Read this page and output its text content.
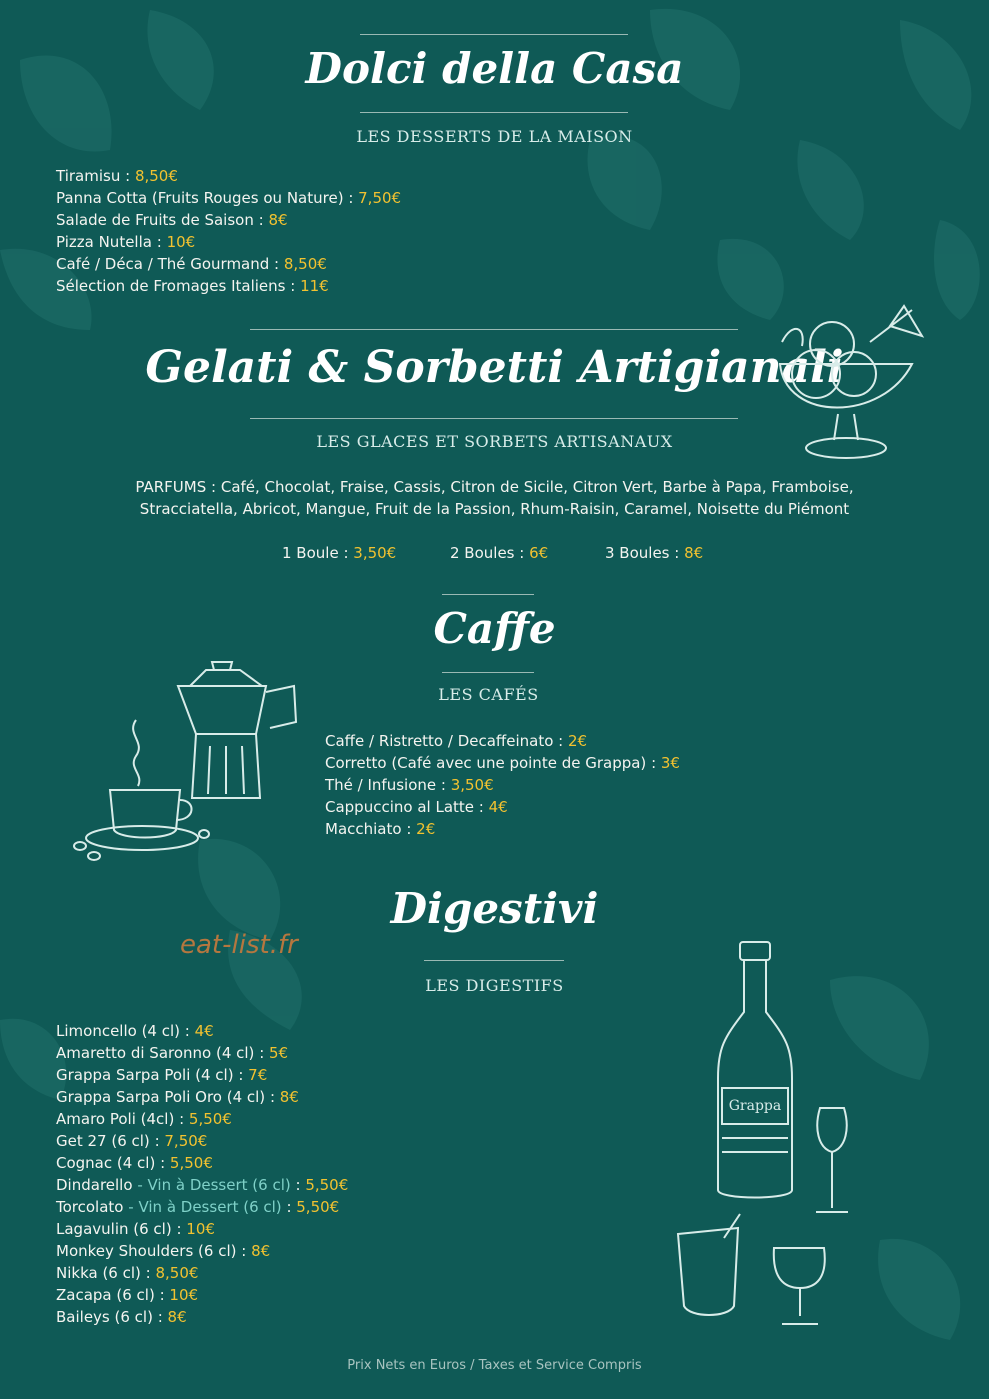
Dolci della Casa
LES DESSERTS DE LA MAISON
Tiramisu : 8,50€
Panna Cotta (Fruits Rouges ou Nature) : 7,50€
Salade de Fruits de Saison : 8€
Pizza Nutella : 10€
Café / Déca / Thé Gourmand : 8,50€
Sélection de Fromages Italiens : 11€
Gelati & Sorbetti Artigianali
LES GLACES ET SORBETS ARTISANAUX
PARFUMS : Café, Chocolat, Fraise, Cassis, Citron de Sicile, Citron Vert, Barbe à Papa, Framboise,
Stracciatella, Abricot, Mangue, Fruit de la Passion, Rhum-Raisin, Caramel, Noisette du Piémont
1 Boule : 3,50€	2 Boules : 6€	3 Boules : 8€
Caffe
LES CAFÉS
Caffe / Ristretto / Decaffeinato : 2€
Corretto (Café avec une pointe de Grappa) : 3€
Thé / Infusione : 3,50€
Cappuccino al Latte : 4€
Macchiato : 2€
Digestivi
LES DIGESTIFS
eat-list.fr
Limoncello (4 cl) : 4€
Amaretto di Saronno (4 cl) : 5€
Grappa Sarpa Poli (4 cl) : 7€
Grappa Sarpa Poli Oro (4 cl) : 8€
Amaro Poli (4cl) : 5,50€
Get 27 (6 cl) : 7,50€
Cognac (4 cl) : 5,50€
Dindarello - Vin à Dessert (6 cl) : 5,50€
Torcolato - Vin à Dessert (6 cl) : 5,50€
Lagavulin (6 cl) : 10€
Monkey Shoulders (6 cl) : 8€
Nikka (6 cl) : 8,50€
Zacapa (6 cl) : 10€
Baileys (6 cl) : 8€
Grappa
Prix Nets en Euros / Taxes et Service Compris
